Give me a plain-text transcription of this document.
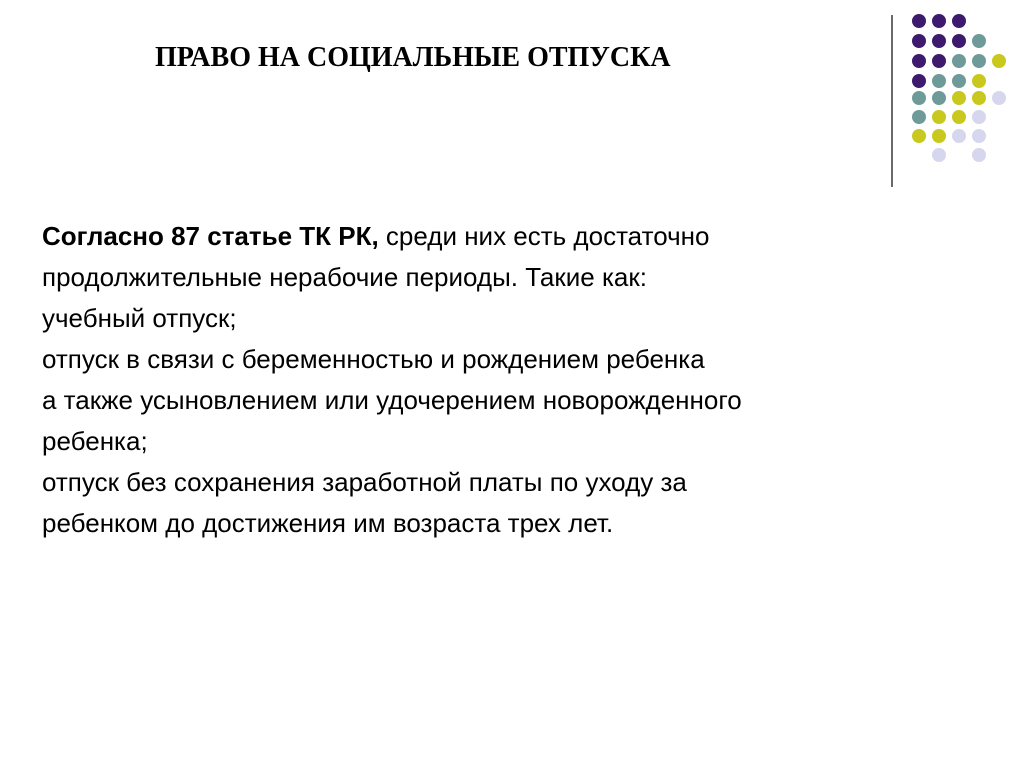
ПРАВО НА СОЦИАЛЬНЫЕ ОТПУСКА
Согласно 87 статье ТК РК, среди них есть достаточно
продолжительные нерабочие периоды. Такие как:
учебный отпуск;
отпуск в связи с беременностью и рождением ребенка
а также усыновлением или удочерением новорожденного
ребенка;
отпуск без сохранения заработной платы по уходу за
ребенком до достижения им возраста трех лет.
